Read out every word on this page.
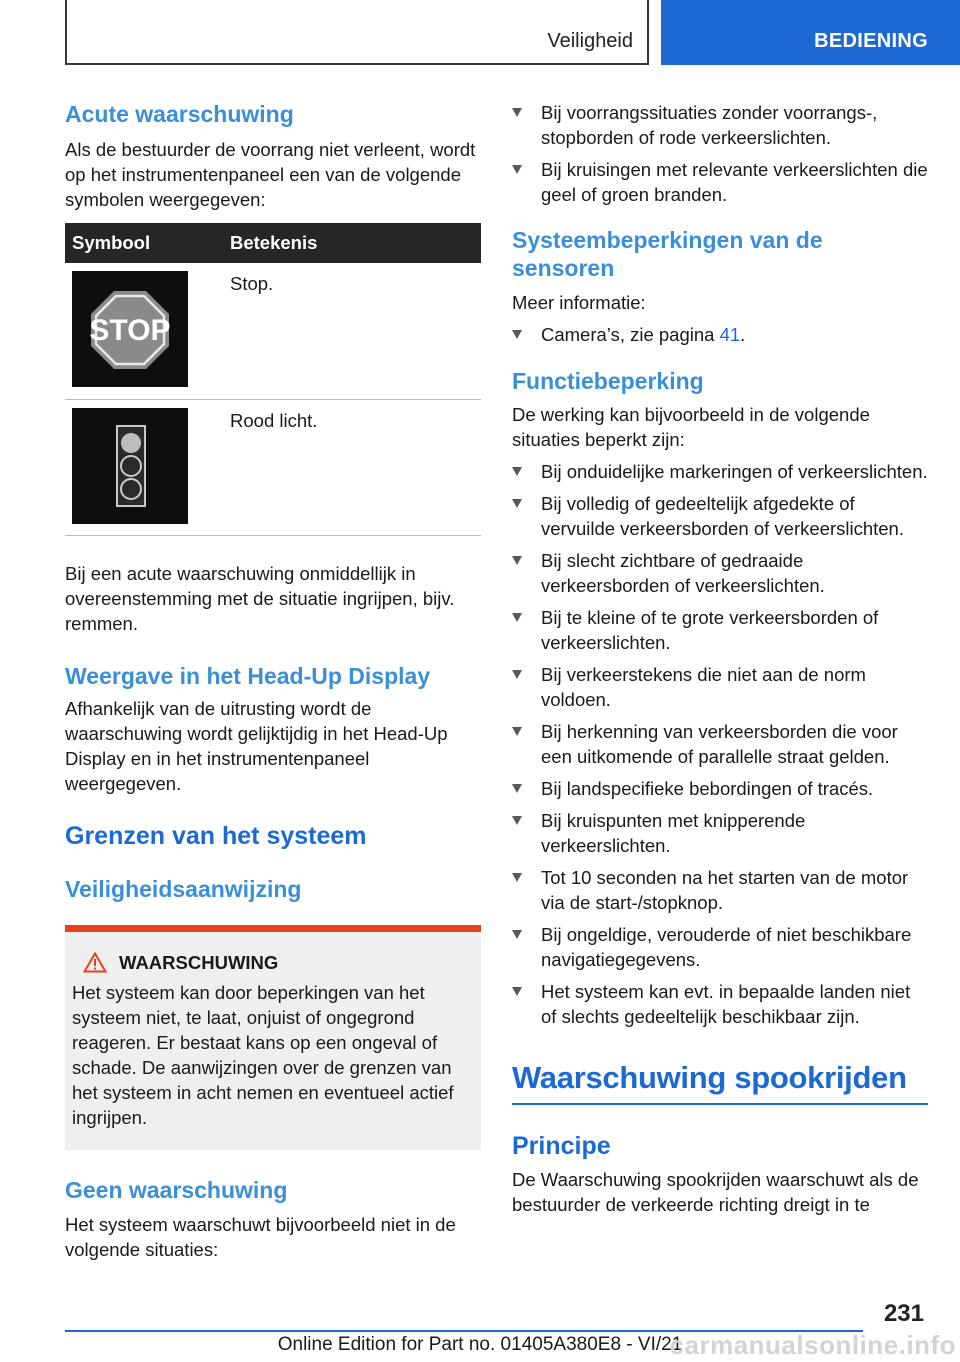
Veiligheid	BEDIENING
Acute waarschuwing
Als de bestuurder de voorrang niet verleent, wordt op het instrumentenpaneel een van de volgende symbolen weergegeven:
Symbool	Betekenis

STOP	Stop.

	Rood licht.
Bij een acute waarschuwing onmiddellijk in overeenstemming met de situatie ingrijpen, bijv. remmen.
Weergave in het Head-Up Display
Afhankelijk van de uitrusting wordt de waarschuwing wordt gelijktijdig in het Head-Up Display en in het instrumentenpaneel weergegeven.
Grenzen van het systeem
Veiligheidsaanwijzing
WAARSCHUWING
Het systeem kan door beperkingen van het systeem niet, te laat, onjuist of ongegrond reageren. Er bestaat kans op een ongeval of schade. De aanwijzingen over de grenzen van het systeem in acht nemen en eventueel actief ingrijpen.
Geen waarschuwing
Het systeem waarschuwt bijvoorbeeld niet in de volgende situaties:
Bij voorrangssituaties zonder voorrangs-, stopborden of rode verkeerslichten.
Bij kruisingen met relevante verkeerslichten die geel of groen branden.
Systeembeperkingen van de sensoren
Meer informatie:
Camera’s, zie pagina 41.
Functiebeperking
De werking kan bijvoorbeeld in de volgende situaties beperkt zijn:
Bij onduidelijke markeringen of verkeerslichten.
Bij volledig of gedeeltelijk afgedekte of vervuilde verkeersborden of verkeerslichten.
Bij slecht zichtbare of gedraaide verkeersborden of verkeerslichten.
Bij te kleine of te grote verkeersborden of verkeerslichten.
Bij verkeerstekens die niet aan de norm voldoen.
Bij herkenning van verkeersborden die voor een uitkomende of parallelle straat gelden.
Bij landspecifieke bebordingen of tracés.
Bij kruispunten met knipperende verkeerslichten.
Tot 10 seconden na het starten van de motor via de start-/stopknop.
Bij ongeldige, verouderde of niet beschikbare navigatiegegevens.
Het systeem kan evt. in bepaalde landen niet of slechts gedeeltelijk beschikbaar zijn.
Waarschuwing spookrijden
Principe
De Waarschuwing spookrijden waarschuwt als de bestuurder de verkeerde richting dreigt in te
231
Online Edition for Part no. 01405A380E8 - VI/21
carmanualsonline.info
